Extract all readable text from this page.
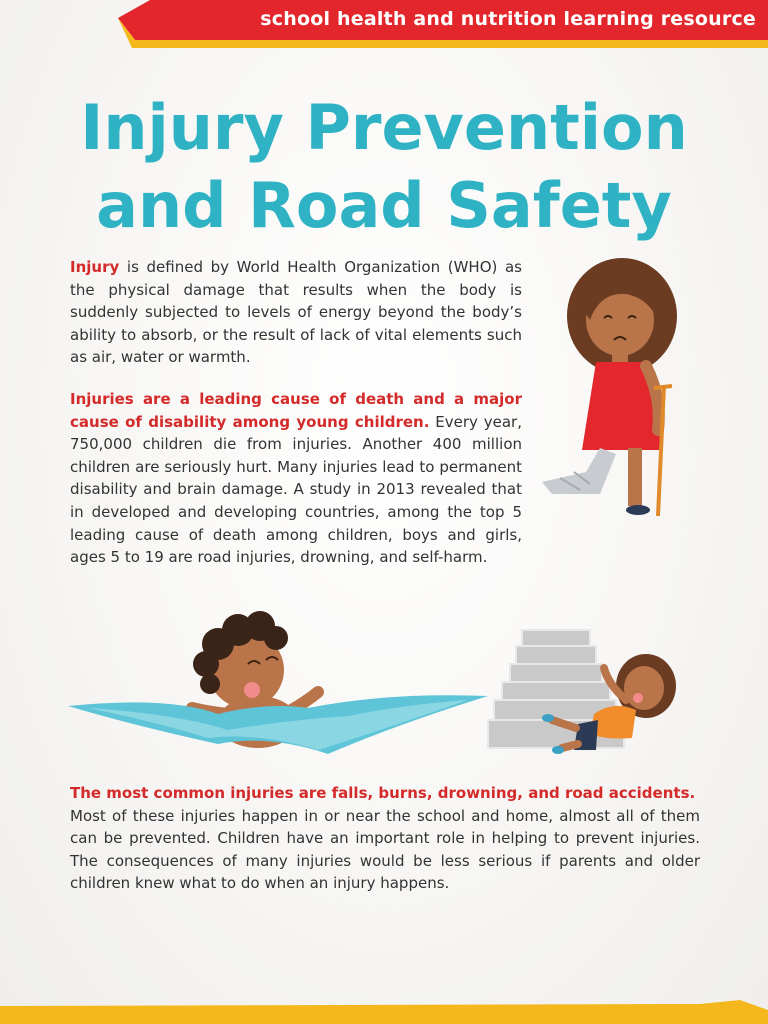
school health and nutrition learning resource
Injury Prevention
and Road Safety
Injury is defined by World Health Organization (WHO) as the physical damage that results when the body is suddenly subjected to levels of energy beyond the body’s ability to absorb, or the result of lack of vital elements such as air, water or warmth.
Injuries are a leading cause of death and a major cause of disability among young children. Every year, 750,000 children die from injuries. Another 400 million children are seriously hurt. Many injuries lead to permanent disability and brain damage. A study in 2013 revealed that in developed and developing countries, among the top 5 leading cause of death among children, boys and girls, ages 5 to 19 are road injuries, drowning, and self-harm.
The most common injuries are falls, burns, drowning, and road accidents.
Most of these injuries happen in or near the school and home, almost all of them can be prevented. Children have an important role in helping to prevent injuries. The consequences of many injuries would be less serious if parents and older children knew what to do when an injury happens.
